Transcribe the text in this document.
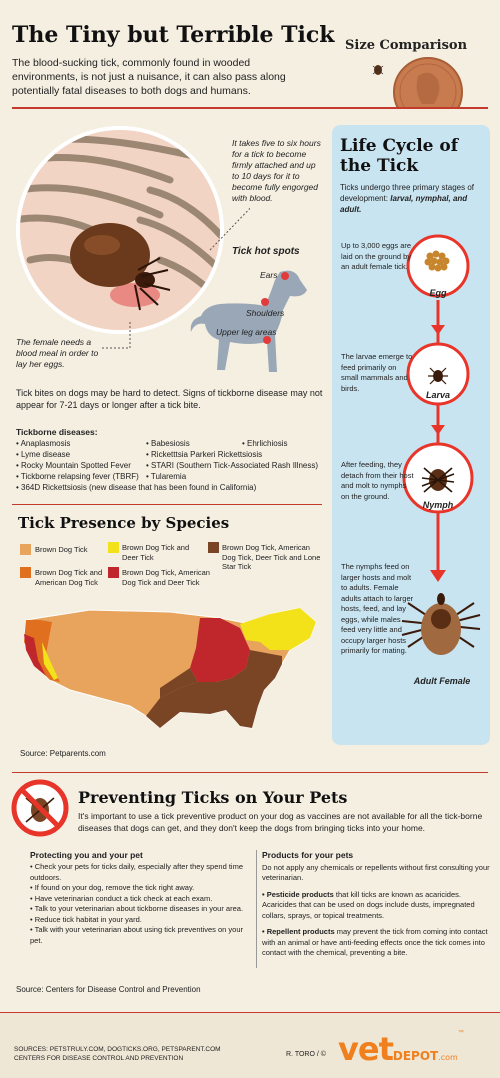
The Tiny but Terrible Tick
The blood-sucking tick, commonly found in wooded environments, is not just a nuisance, it can also pass along potentially fatal diseases to both dogs and humans.
Size Comparison
It takes five to six hours for a tick to become firmly attached and up to 10 days for it to become fully engorged with blood.
The female needs a blood meal in order to lay her eggs.
Tick hot spots
Ears
Shoulders
Upper leg areas
Tick bites on dogs may be hard to detect. Signs of tickborne disease may not appear for 7-21 days or longer after a tick bite.
Tickborne diseases:
• Anaplasmosis
• Lyme disease
• Rocky Mountain Spotted Fever
• Tickborne relapsing fever (TBRF)
• 364D Rickettsiosis (new disease that has been found in California)
• Babesiosis
• Ricketttsia Parkeri Rickettsiosis
• STARI (Southern Tick-Associated Rash Illness)
• Tularemia
• Ehrlichiosis
Life Cycle of
the Tick
Ticks undergo three primary stages of development: larval, nymphal, and adult.
Egg
Larva
Nymph
Adult Female
Up to 3,000 eggs are laid on the ground by an adult female tick.
The larvae emerge to feed primarily on small mammals and birds.
After feeding, they detach from their host and molt to nymphs on the ground.
The nymphs feed on larger hosts and molt to adults. Female adults attach to larger hosts, feed, and lay eggs, while males feed very little and occupy larger hosts primarily for mating.
Tick Presence by Species
Brown Dog Tick	Brown Dog Tick and Deer Tick
Brown Dog Tick, American Dog Tick, Deer Tick and Lone Star Tick
Brown Dog Tick and American Dog Tick
Brown Dog Tick, American Dog Tick and Deer Tick
Source: Petparents.com
Preventing Ticks on Your Pets
It's important to use a tick preventive product on your dog as vaccines are not available for all the tick-borne diseases that dogs can get, and they don't keep the dogs from bringing ticks into your home.
Protecting you and your pet
• Check your pets for ticks daily, especially after they spend time outdoors.
• If found on your dog, remove the tick right away.
• Have veterinarian conduct a tick check at each exam.
• Talk to your veterinarian about tickborne diseases in your area.
• Reduce tick habitat in your yard.
• Talk with your veterinarian about using tick preventives on your pet.
Products for your pets
Do not apply any chemicals or repellents without first consulting your veterinarian.
• Pesticide products that kill ticks are known as acaricides. Acaricides that can be used on dogs include dusts, impregnated collars, sprays, or topical treatments.
• Repellent products may prevent the tick from coming into contact with an animal or have anti-feeding effects once the tick comes into contact with the chemical, preventing a bite.
Source: Centers for Disease Control and Prevention
SOURCES: PETSTRULY.COM, DOGTICKS.ORG, PETSPARENT.COM
CENTERS FOR DISEASE CONTROL AND PREVENTION	R. TORO / © vetDEPOT.com™
